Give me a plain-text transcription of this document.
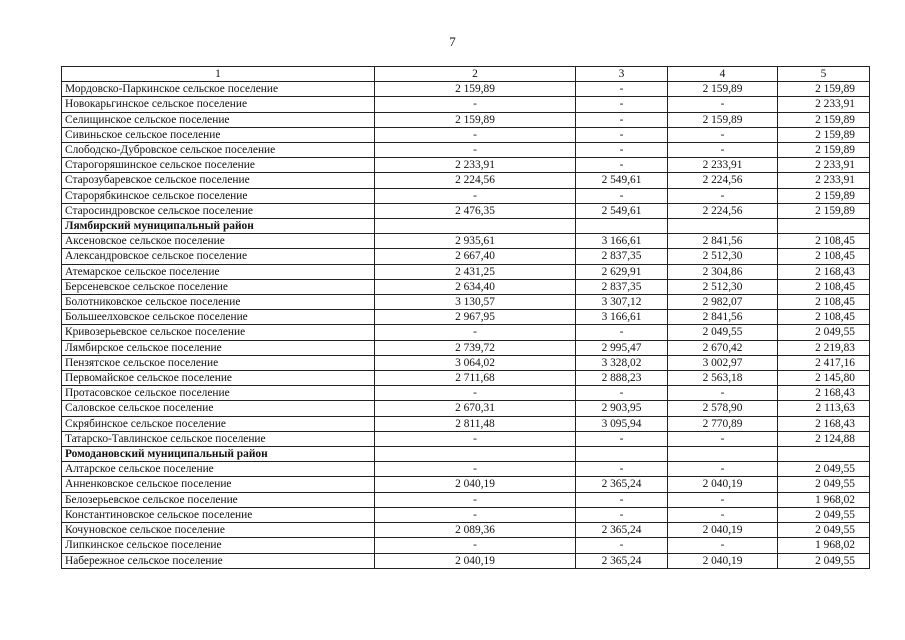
7
1	2	3	4	5
Мордовско-Паркинское сельское поселение	2 159,89	-	2 159,89	2 159,89
Новокарьгинское сельское поселение	-	-	-	2 233,91
Селищинское сельское поселение	2 159,89	-	2 159,89	2 159,89
Сивиньское сельское поселение	-	-	-	2 159,89
Слободско-Дубровское сельское поселение	-	-	-	2 159,89
Старогоряшинское сельское поселение	2 233,91	-	2 233,91	2 233,91
Старозубаревское сельское поселение	2 224,56	2 549,61	2 224,56	2 233,91
Старорябкинское сельское поселение	-	-	-	2 159,89
Старосиндровское сельское поселение	2 476,35	2 549,61	2 224,56	2 159,89
Лямбирский муниципальный район				
Аксеновское сельское поселение	2 935,61	3 166,61	2 841,56	2 108,45
Александровское сельское поселение	2 667,40	2 837,35	2 512,30	2 108,45
Атемарское сельское поселение	2 431,25	2 629,91	2 304,86	2 168,43
Берсеневское сельское поселение	2 634,40	2 837,35	2 512,30	2 108,45
Болотниковское сельское поселение	3 130,57	3 307,12	2 982,07	2 108,45
Большеелховское сельское поселение	2 967,95	3 166,61	2 841,56	2 108,45
Кривозерьевское сельское поселение	-	-	2 049,55	2 049,55
Лямбирское сельское поселение	2 739,72	2 995,47	2 670,42	2 219,83
Пензятское сельское поселение	3 064,02	3 328,02	3 002,97	2 417,16
Первомайское сельское поселение	2 711,68	2 888,23	2 563,18	2 145,80
Протасовское сельское поселение	-	-	-	2 168,43
Саловское сельское поселение	2 670,31	2 903,95	2 578,90	2 113,63
Скрябинское сельское поселение	2 811,48	3 095,94	2 770,89	2 168,43
Татарско-Тавлинское сельское поселение	-	-	-	2 124,88
Ромодановский муниципальный район				
Алтарское сельское поселение	-	-	-	2 049,55
Анненковское сельское поселение	2 040,19	2 365,24	2 040,19	2 049,55
Белозерьевское сельское поселение	-	-	-	1 968,02
Константиновское сельское поселение	-	-	-	2 049,55
Кочуновское сельское поселение	2 089,36	2 365,24	2 040,19	2 049,55
Липкинское сельское поселение	-	-	-	1 968,02
Набережное сельское поселение	2 040,19	2 365,24	2 040,19	2 049,55
